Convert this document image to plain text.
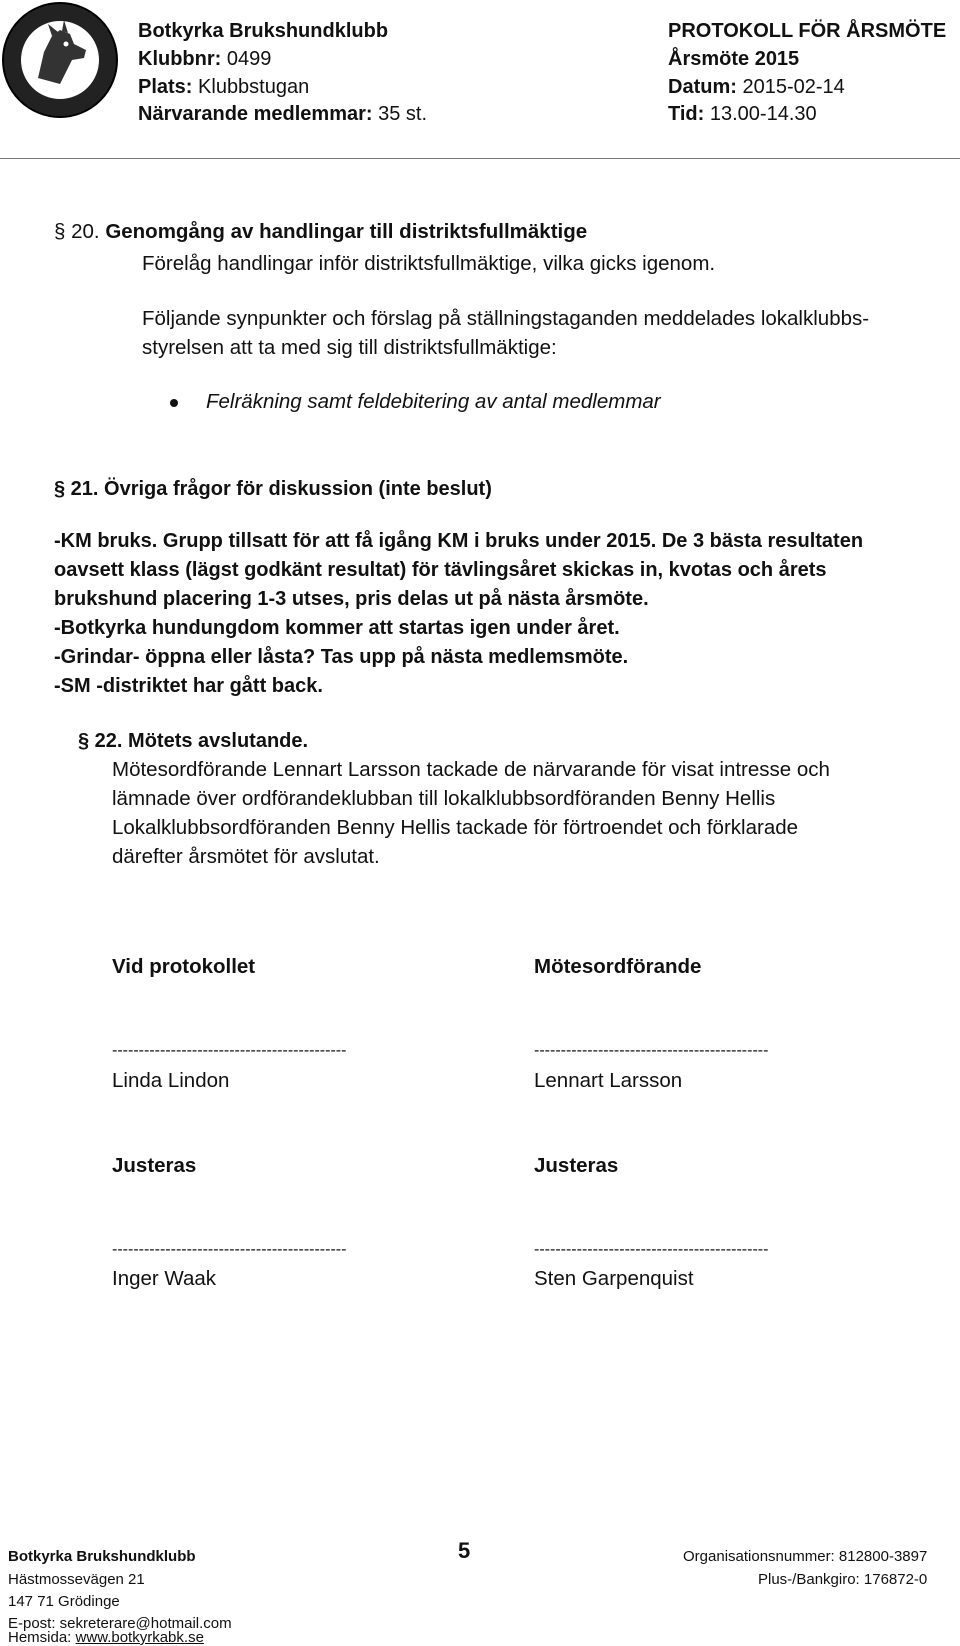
Botkyrka Brukshundklubb
Klubbnr: 0499
Plats: Klubbstugan
Närvarande medlemmar: 35 st.
PROTOKOLL FÖR ÅRSMÖTE
Årsmöte 2015
Datum: 2015-02-14
Tid: 13.00-14.30
§ 20. Genomgång av handlingar till distriktsfullmäktige
Förelåg handlingar inför distriktsfullmäktige, vilka gicks igenom.
Följande synpunkter och förslag på ställningstaganden meddelades lokalklubbs-
styrelsen att ta med sig till distriktsfullmäktige:
Felräkning samt feldebitering av antal medlemmar
§ 21. Övriga frågor för diskussion (inte beslut)
-KM bruks. Grupp tillsatt för att få igång KM i bruks under 2015. De 3 bästa resultaten
oavsett klass (lägst godkänt resultat) för tävlingsåret skickas in, kvotas och årets
brukshund placering 1-3 utses, pris delas ut på nästa årsmöte.
-Botkyrka hundungdom kommer att startas igen under året.
-Grindar- öppna eller låsta? Tas upp på nästa medlemsmöte.
-SM -distriktet har gått back.
§ 22. Mötets avslutande.
Mötesordförande Lennart Larsson tackade de närvarande för visat intresse och
lämnade över ordförandeklubban till lokalklubbsordföranden Benny Hellis
Lokalklubbsordföranden Benny Hellis tackade för förtroendet och förklarade
därefter årsmötet för avslutat.
Vid protokollet	Mötesordförande
--------------------------------------------	--------------------------------------------
Linda Lindon	Lennart Larsson
Justeras	Justeras
--------------------------------------------	--------------------------------------------
Inger Waak	Sten Garpenquist
Botkyrka Brukshundklubb	5	Organisationsnummer: 812800-3897
Hästmossevägen 21	Plus-/Bankgiro: 176872-0
147 71 Grödinge
E-post: sekreterare@hotmail.com
Hemsida: www.botkyrkabk.se
